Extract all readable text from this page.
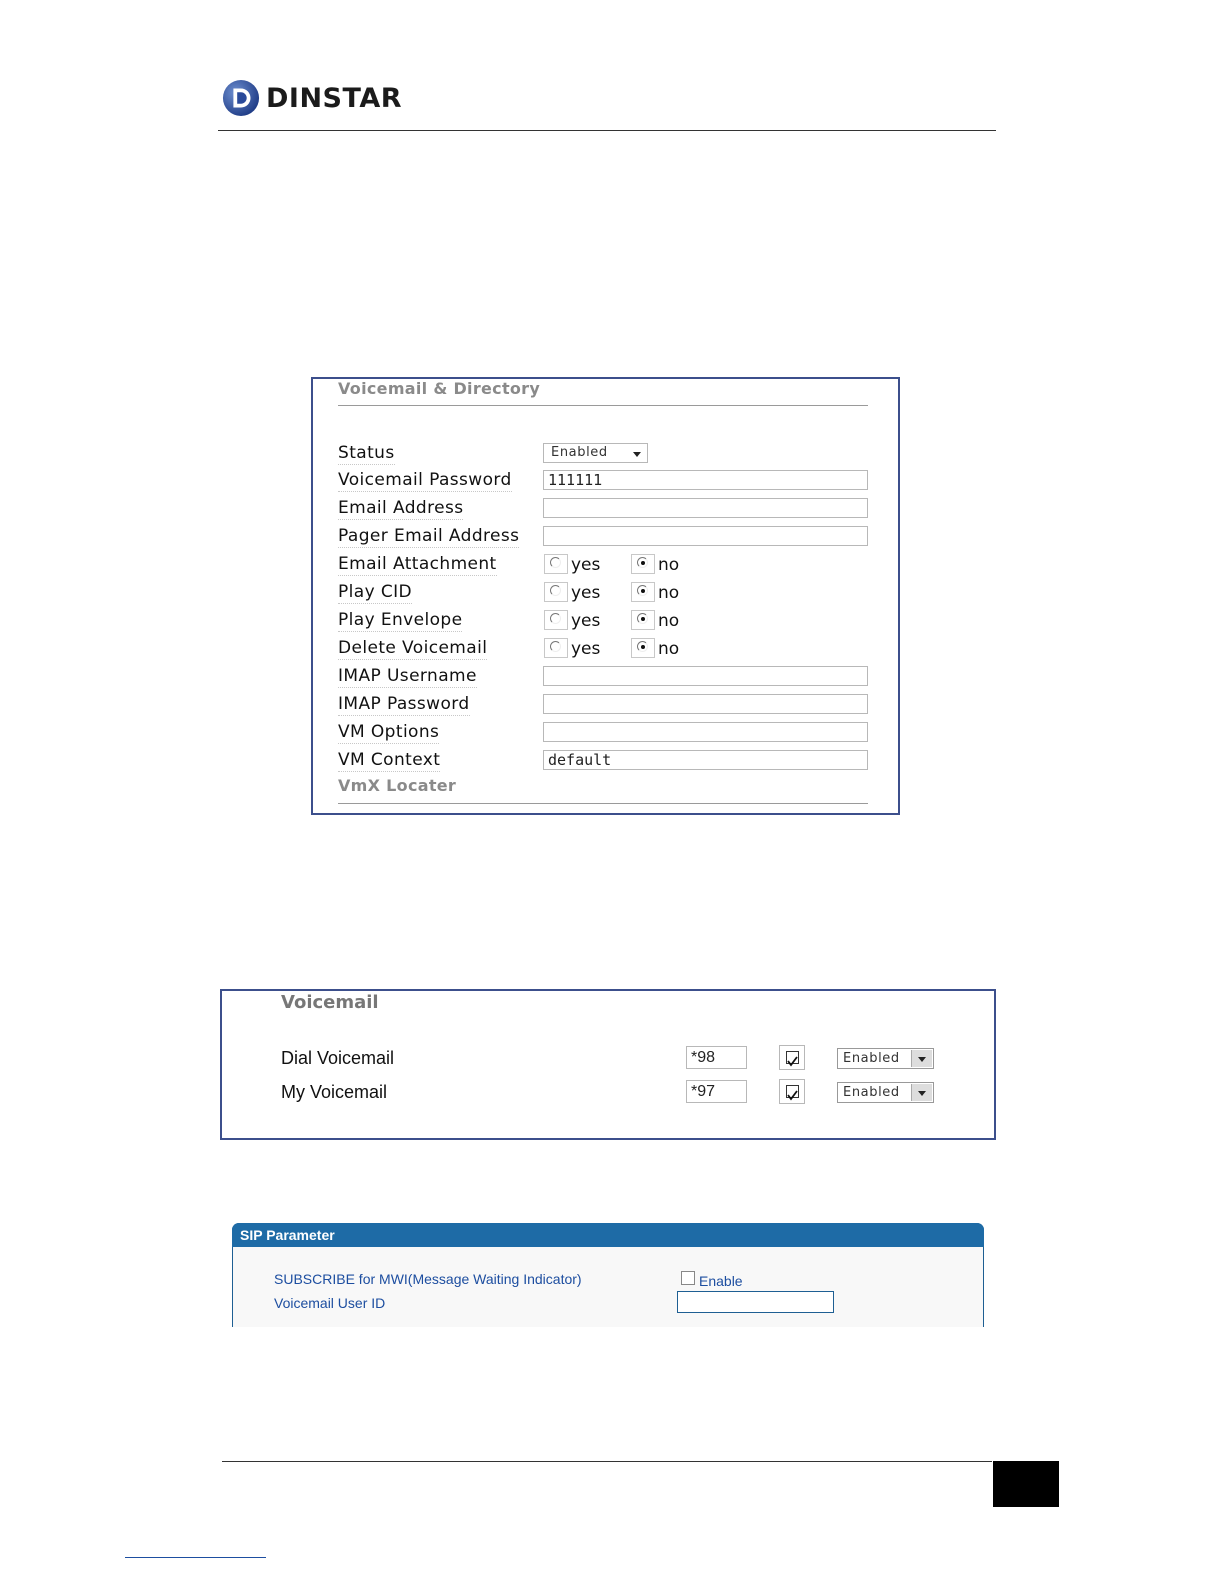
DINSTAR
Voicemail & Directory
Status	Enabled
Voicemail Password	111111
Email Address
Pager Email Address
Email Attachment	yes	no
Play CID	yes	no
Play Envelope	yes	no
Delete Voicemail	yes	no
IMAP Username
IMAP Password
VM Options
VM Context	default
VmX Locater
Voicemail
Dial Voicemail	*98	Enabled
My Voicemail	*97	Enabled
SIP Parameter
SUBSCRIBE for MWI(Message Waiting Indicator)	Enable
Voicemail User ID
